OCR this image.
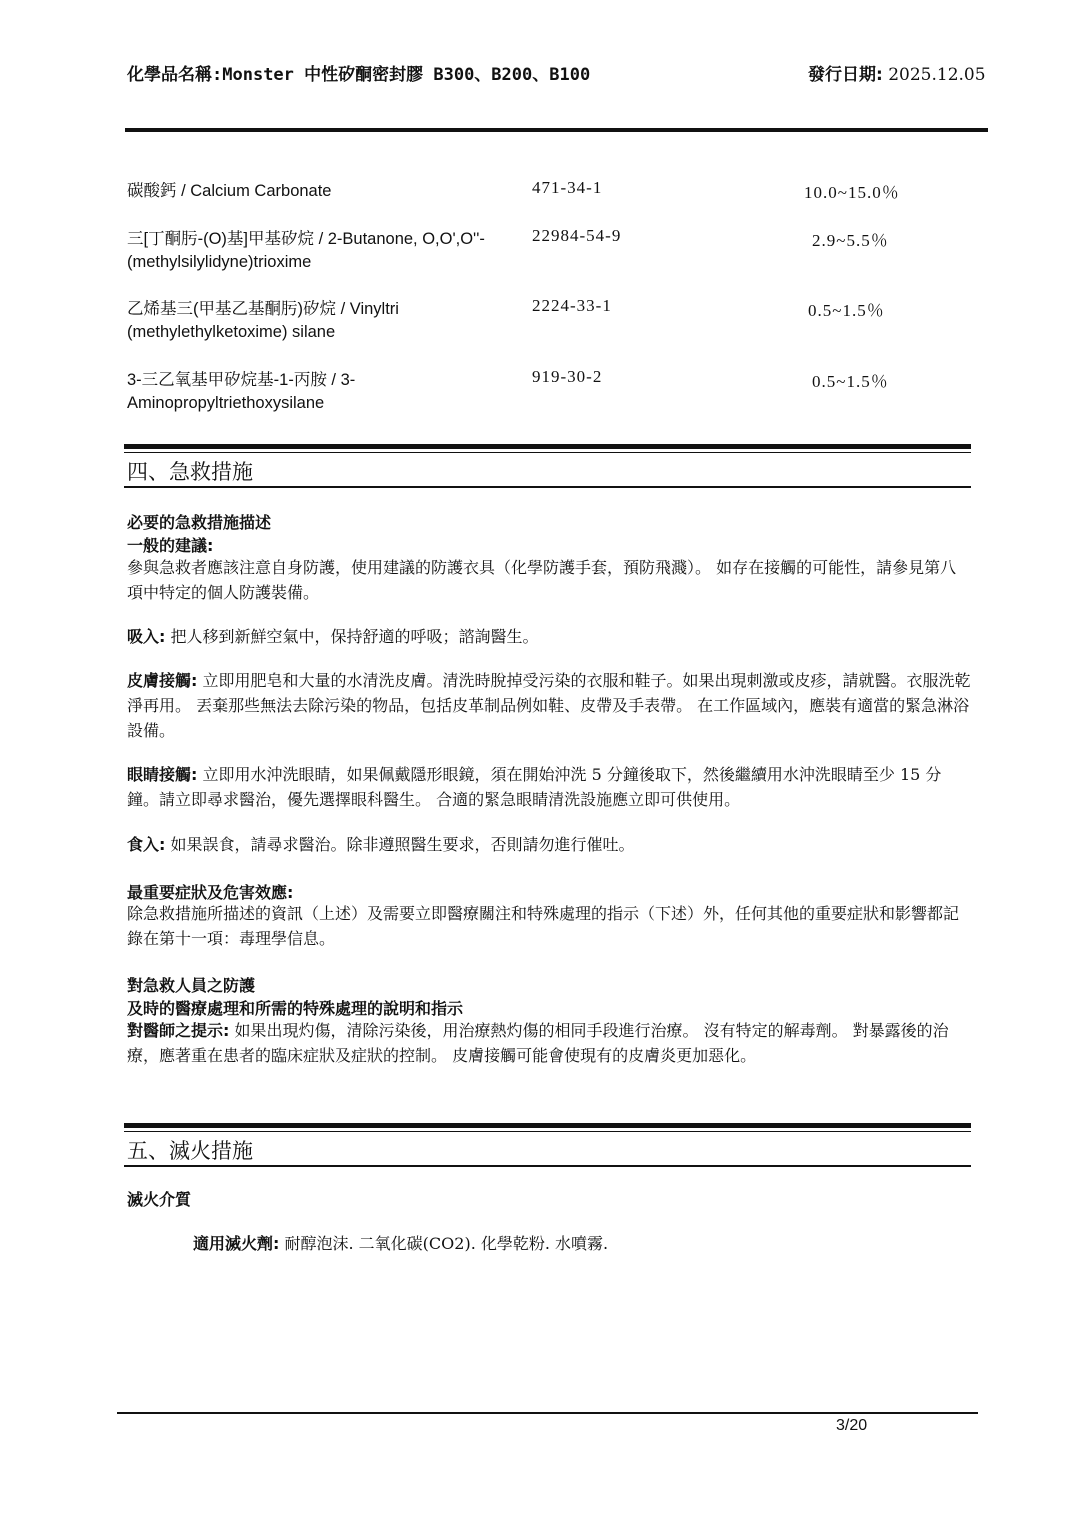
化學品名稱:Monster 中性矽酮密封膠 B300、B200、B100	發行日期: 2025.12.05
碳酸鈣 / Calcium Carbonate	471-34-1	10.0~15.0％
三[丁酮肟-(O)基]甲基矽烷 / 2-Butanone, O,O',O''-(methylsilylidyne)trioxime
22984-54-9	2.9~5.5％
乙烯基三(甲基乙基酮肟)矽烷 / Vinyltri (methylethylketoxime) silane
2224-33-1	0.5~1.5％
3-三乙氧基甲矽烷基-1-丙胺 / 3-Aminopropyltriethoxysilane
919-30-2	0.5~1.5％
四、急救措施
必要的急救措施描述
一般的建議:
參與急救者應該注意自身防護，使用建議的防護衣具（化學防護手套，預防飛濺）。 如存在接觸的可能性，請參見第八項中特定的個人防護裝備。
吸入: 把人移到新鮮空氣中，保持舒適的呼吸；諮詢醫生。
皮膚接觸: 立即用肥皂和大量的水清洗皮膚。清洗時脫掉受污染的衣服和鞋子。如果出現刺激或皮疹，請就醫。衣服洗乾淨再用。 丟棄那些無法去除污染的物品，包括皮革制品例如鞋、皮帶及手表帶。 在工作區域內，應裝有適當的緊急淋浴設備。
眼睛接觸: 立即用水沖洗眼睛，如果佩戴隱形眼鏡，須在開始沖洗 5 分鐘後取下，然後繼續用水沖洗眼睛至少 15 分鐘。請立即尋求醫治，優先選擇眼科醫生。 合適的緊急眼睛清洗設施應立即可供使用。
食入: 如果誤食，請尋求醫治。除非遵照醫生要求，否則請勿進行催吐。
最重要症狀及危害效應:
除急救措施所描述的資訊（上述）及需要立即醫療關注和特殊處理的指示（下述）外，任何其他的重要症狀和影響都記錄在第十一項：毒理學信息。
對急救人員之防護
及時的醫療處理和所需的特殊處理的說明和指示
對醫師之提示: 如果出現灼傷，清除污染後，用治療熱灼傷的相同手段進行治療。 沒有特定的解毒劑。 對暴露後的治療，應著重在患者的臨床症狀及症狀的控制。 皮膚接觸可能會使現有的皮膚炎更加惡化。
五、滅火措施
滅火介質
適用滅火劑: 耐醇泡沫. 二氧化碳(CO2). 化學乾粉. 水噴霧.
3/20
